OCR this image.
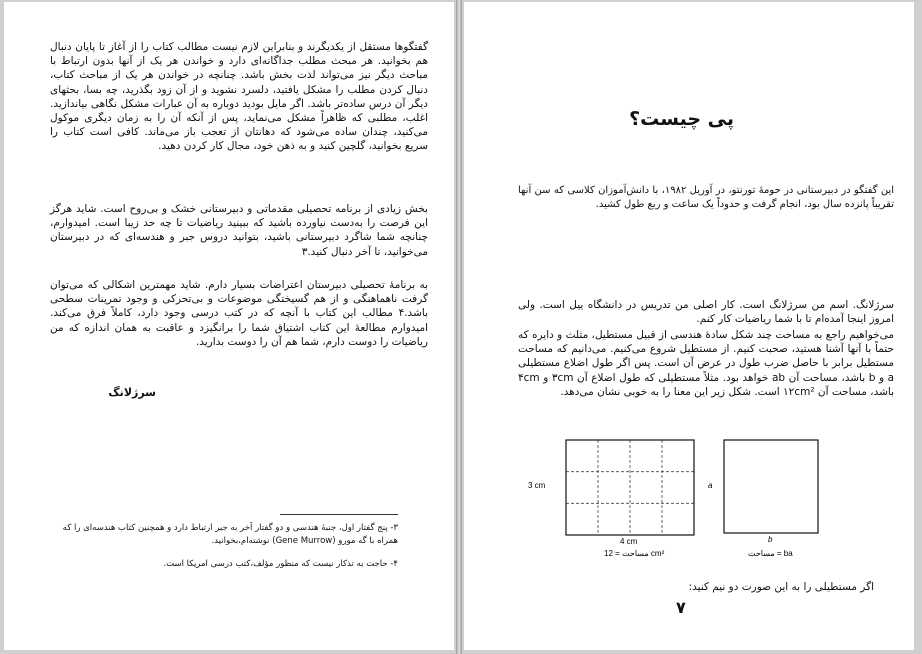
گفتگوها مستقل از یکدیگرند و بنابراین لازم نیست مطالب کتاب را از آغاز تا پایان دنبال هم بخوانید. هر مبحث مطلب جداگانه‌ای دارد و خواندن هر یک از آنها بدون ارتباط با مباحث دیگر نیز می‌تواند لذت بخش باشد. چنانچه در خواندن هر یک از مباحث کتاب، دنبال کردن مطلب را مشکل یافتید، دلسرد نشوید و از آن زود بگذرید، چه بسا، بحثهای دیگر آن درس ساده‌تر باشد. اگر مایل بودید دوباره به آن عبارات مشکل نگاهی بیاندازید. اغلب، مطلبی که ظاهراً مشکل می‌نماید، پس از آنکه آن را به زمان دیگری موکول می‌کنید، چندان ساده می‌شود که دهانتان از تعجب باز می‌ماند. کافی است کتاب را سریع بخوانید، گلچین کنید و به ذهن خود، مجال کار کردن دهید.

بخش زیادی از برنامه تحصیلی مقدماتی و دبیرستانی خشک و بی‌روح است. شاید هرگز این فرصت را به‌دست نیاورده باشید که ببینید ریاضیات تا چه حد زیبا است. امیدوارم، چنانچه شما شاگرد دبیرستانی باشید، بتوانید دروس جبر و هندسه‌ای که در دبیرستان می‌خوانید، تا آخر دنبال کنید.۳

به برنامهٔ تحصیلی دبیرستان اعتراضات بسیار دارم. شاید مهمترین اشکالی که می‌توان گرفت ناهماهنگی و از هم گسیختگی موضوعات و بی‌تحرکی و وجود تمرینات سطحی باشد.۴ مطالب این کتاب با آنچه که در کتب درسی وجود دارد، کاملاً فرق می‌کند. امیدوارم مطالعهٔ این کتاب اشتیاق شما را برانگیزد و عاقبت به همان اندازه که من ریاضیات را دوست دارم، شما هم آن را دوست بدارید.

سرژلانگ

۳- پنج گفتار اول، جنبهٔ هندسی و دو گفتار آخر به جبر ارتباط دارد و همچنین کتاب هندسه‌ای را که همراه با گه مورو (Gene Murrow) نوشته‌ام،بخوانید.

۴- حاجت به تذکار نیست که منظور مؤلف،کتب درسی امریکا است.

پی چیست؟

این گفتگو در دبیرستانی در حومهٔ تورنتو، در آوریل ۱۹۸۲، با دانش‌آموزان کلاسی که سن آنها تقریباً پانزده سال بود، انجام گرفت و حدوداً یک ساعت و ربع طول کشید.

سرژلانگ. اسم من سرژلانگ است. کار اصلی من تدریس در دانشگاه ییل است. ولی امروز اینجا آمده‌ام تا با شما ریاضیات کار کنم.

می‌خواهیم راجع به مساحت چند شکل سادهٔ هندسی از قبیل مستطیل، مثلث و دایره که حتماً با آنها آشنا هستید، صحبت کنیم. از مستطیل شروع می‌کنیم. می‌دانیم که مساحت مستطیل برابر با حاصل ضرب طول در عرض آن است. پس اگر طول اضلاع مستطیلی a و b باشد، مساحت آن ab خواهد بود. مثلاً مستطیلی که طول اضلاع آن ۳cm و ۴cm باشد، مساحت آن ۱۲cm² است. شکل زیر این معنا را به خوبی نشان می‌دهد.

3 cm
4 cm
مساحت = 12 cm²
a
b
مساحت = ba
اگر مستطیلی را به این صورت دو نیم کنید:
۷
